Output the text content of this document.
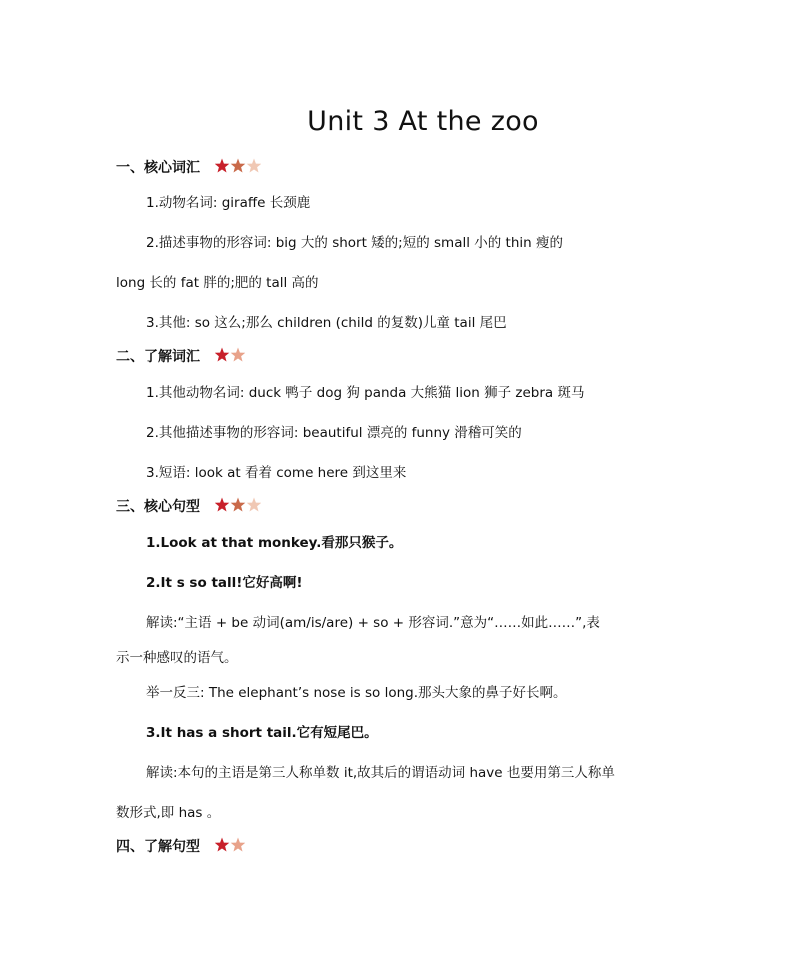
Unit 3 At the zoo
一、核心词汇
1.动物名词: giraffe 长颈鹿
2.描述事物的形容词: big 大的 short 矮的;短的 small 小的 thin 瘦的
long 长的 fat 胖的;肥的 tall 高的
3.其他: so 这么;那么 children (child 的复数)儿童 tail 尾巴
二、了解词汇
1.其他动物名词: duck 鸭子 dog 狗 panda 大熊猫 lion 狮子 zebra 斑马
2.其他描述事物的形容词: beautiful 漂亮的 funny 滑稽可笑的
3.短语: look at 看着 come here 到这里来
三、核心句型
1.Look at that monkey.看那只猴子。
2.It s so tall!它好高啊!
解读:“主语 + be 动词(am/is/are) + so + 形容词.”意为“……如此……”,表
示一种感叹的语气。
举一反三: The elephant’s nose is so long.那头大象的鼻子好长啊。
3.It has a short tail.它有短尾巴。
解读:本句的主语是第三人称单数 it,故其后的谓语动词 have 也要用第三人称单
数形式,即 has 。
四、了解句型
